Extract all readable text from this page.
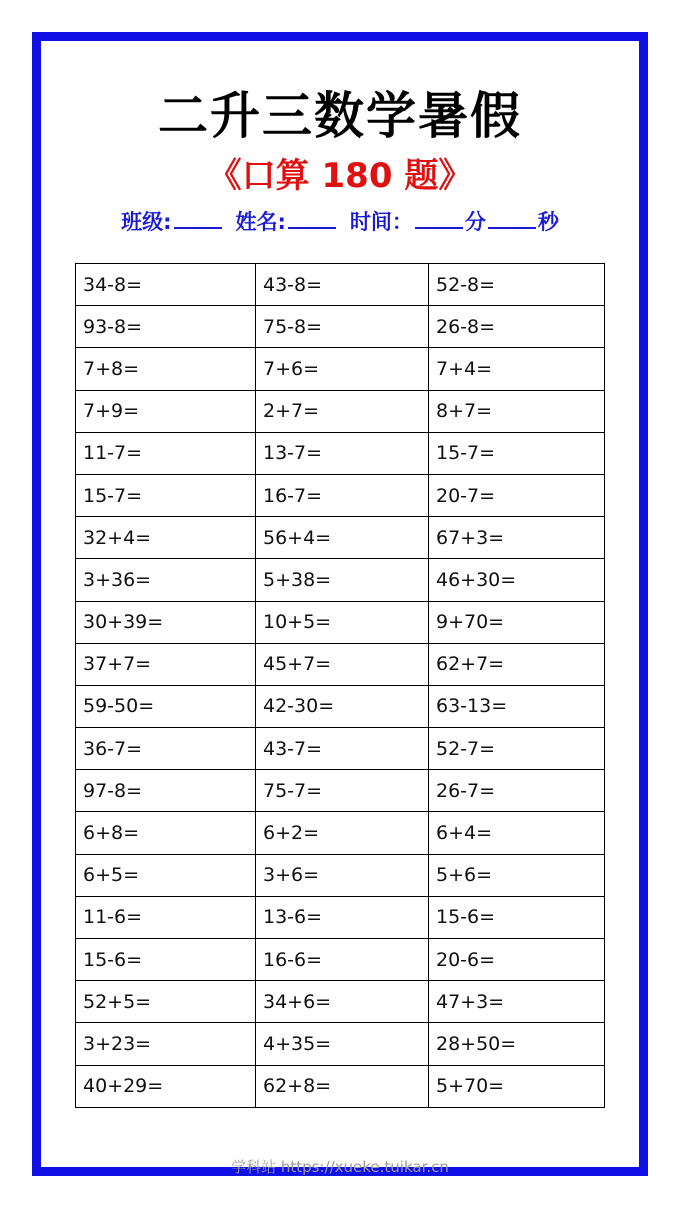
二升三数学暑假
《口算 180 题》
班级:	姓名:	时间： 分 秒
34-8=	43-8=	52-8=
93-8=	75-8=	26-8=
7+8=	7+6=	7+4=
7+9=	2+7=	8+7=
11-7=	13-7=	15-7=
15-7=	16-7=	20-7=
32+4=	56+4=	67+3=
3+36=	5+38=	46+30=
30+39=	10+5=	9+70=
37+7=	45+7=	62+7=
59-50=	42-30=	63-13=
36-7=	43-7=	52-7=
97-8=	75-7=	26-7=
6+8=	6+2=	6+4=
6+5=	3+6=	5+6=
11-6=	13-6=	15-6=
15-6=	16-6=	20-6=
52+5=	34+6=	47+3=
3+23=	4+35=	28+50=
40+29=	62+8=	5+70=
学科站 https://xueke.tuikar.cn
